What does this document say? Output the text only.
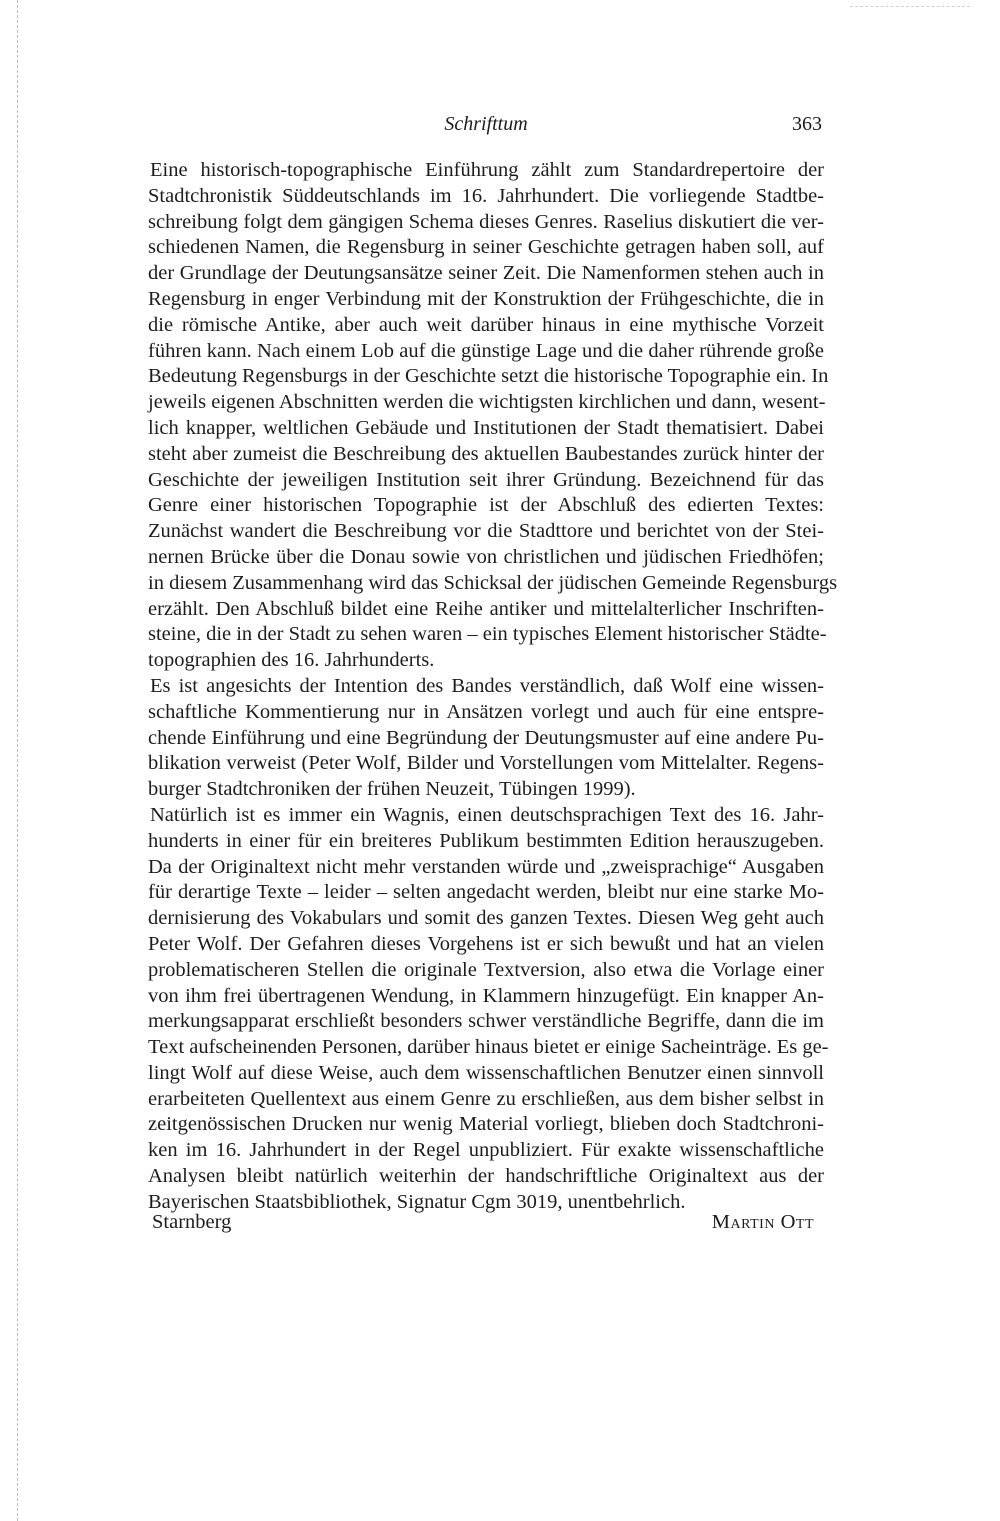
Schrifttum	363
Eine historisch-topographische Einführung zählt zum Standardrepertoire der
Stadtchronistik Süddeutschlands im 16. Jahrhundert. Die vorliegende Stadtbe-
schreibung folgt dem gängigen Schema dieses Genres. Raselius diskutiert die ver-
schiedenen Namen, die Regensburg in seiner Geschichte getragen haben soll, auf
der Grundlage der Deutungsansätze seiner Zeit. Die Namenformen stehen auch in
Regensburg in enger Verbindung mit der Konstruktion der Frühgeschichte, die in
die römische Antike, aber auch weit darüber hinaus in eine mythische Vorzeit
führen kann. Nach einem Lob auf die günstige Lage und die daher rührende große
Bedeutung Regensburgs in der Geschichte setzt die historische Topographie ein. In
jeweils eigenen Abschnitten werden die wichtigsten kirchlichen und dann, wesent-
lich knapper, weltlichen Gebäude und Institutionen der Stadt thematisiert. Dabei
steht aber zumeist die Beschreibung des aktuellen Baubestandes zurück hinter der
Geschichte der jeweiligen Institution seit ihrer Gründung. Bezeichnend für das
Genre einer historischen Topographie ist der Abschluß des edierten Textes:
Zunächst wandert die Beschreibung vor die Stadttore und berichtet von der Stei-
nernen Brücke über die Donau sowie von christlichen und jüdischen Friedhöfen;
in diesem Zusammenhang wird das Schicksal der jüdischen Gemeinde Regensburgs
erzählt. Den Abschluß bildet eine Reihe antiker und mittelalterlicher Inschriften-
steine, die in der Stadt zu sehen waren – ein typisches Element historischer Städte-
topographien des 16. Jahrhunderts.
Es ist angesichts der Intention des Bandes verständlich, daß Wolf eine wissen-
schaftliche Kommentierung nur in Ansätzen vorlegt und auch für eine entspre-
chende Einführung und eine Begründung der Deutungsmuster auf eine andere Pu-
blikation verweist (Peter Wolf, Bilder und Vorstellungen vom Mittelalter. Regens-
burger Stadtchroniken der frühen Neuzeit, Tübingen 1999).
Natürlich ist es immer ein Wagnis, einen deutschsprachigen Text des 16. Jahr-
hunderts in einer für ein breiteres Publikum bestimmten Edition herauszugeben.
Da der Originaltext nicht mehr verstanden würde und „zweisprachige“ Ausgaben
für derartige Texte – leider – selten angedacht werden, bleibt nur eine starke Mo-
dernisierung des Vokabulars und somit des ganzen Textes. Diesen Weg geht auch
Peter Wolf. Der Gefahren dieses Vorgehens ist er sich bewußt und hat an vielen
problematischeren Stellen die originale Textversion, also etwa die Vorlage einer
von ihm frei übertragenen Wendung, in Klammern hinzugefügt. Ein knapper An-
merkungsapparat erschließt besonders schwer verständliche Begriffe, dann die im
Text aufscheinenden Personen, darüber hinaus bietet er einige Sacheinträge. Es ge-
lingt Wolf auf diese Weise, auch dem wissenschaftlichen Benutzer einen sinnvoll
erarbeiteten Quellentext aus einem Genre zu erschließen, aus dem bisher selbst in
zeitgenössischen Drucken nur wenig Material vorliegt, blieben doch Stadtchroni-
ken im 16. Jahrhundert in der Regel unpubliziert. Für exakte wissenschaftliche
Analysen bleibt natürlich weiterhin der handschriftliche Originaltext aus der
Bayerischen Staatsbibliothek, Signatur Cgm 3019, unentbehrlich.
Starnberg	Martin Ott
